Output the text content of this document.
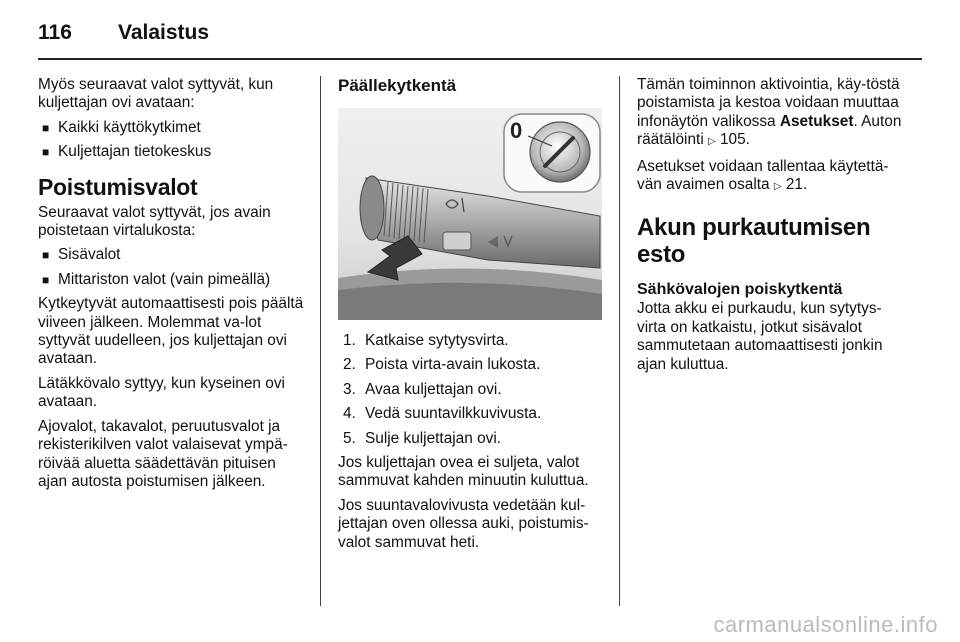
116	Valaistus

Myös seuraavat valot syttyvät, kun kuljettajan ovi avataan:

■ Kaikki käyttökytkimet
■ Kuljettajan tietokeskus
Poistumisvalot

Seuraavat valot syttyvät, jos avain poistetaan virtalukosta:

■ Sisävalot
■ Mittariston valot (vain pimeällä)

Kytkeytyvät automaattisesti pois päältä viiveen jälkeen. Molemmat va-lot syttyvät uudelleen, jos kuljettajan ovi avataan.

Lätäkkövalo syttyy, kun kyseinen ovi avataan.

Ajovalot, takavalot, peruutusvalot ja rekisterikilven valot valaisevat ympä-röivää aluetta säädettävän pituisen ajan autosta poistumisen jälkeen.

Päällekytkentä
0
1. Katkaise sytytysvirta.
2. Poista virta-avain lukosta.
3. Avaa kuljettajan ovi.
4. Vedä suuntavilkkuvivusta.
5. Sulje kuljettajan ovi.

Jos kuljettajan ovea ei suljeta, valot sammuvat kahden minuutin kuluttua.

Jos suuntavalovivusta vedetään kul-jettajan oven ollessa auki, poistumis-valot sammuvat heti.

Tämän toiminnon aktivointia, käy-töstä poistamista ja kestoa voidaan muuttaa infonäytön valikossa Asetukset. Auton räätälöinti ▷ 105.

Asetukset voidaan tallentaa käytettä-vän avaimen osalta ▷ 21.

Akun purkautumisen esto
Sähkövalojen poiskytkentä

Jotta akku ei purkaudu, kun sytytys-virta on katkaistu, jotkut sisävalot sammutetaan automaattisesti jonkin ajan kuluttua.

carmanualsonline.info
